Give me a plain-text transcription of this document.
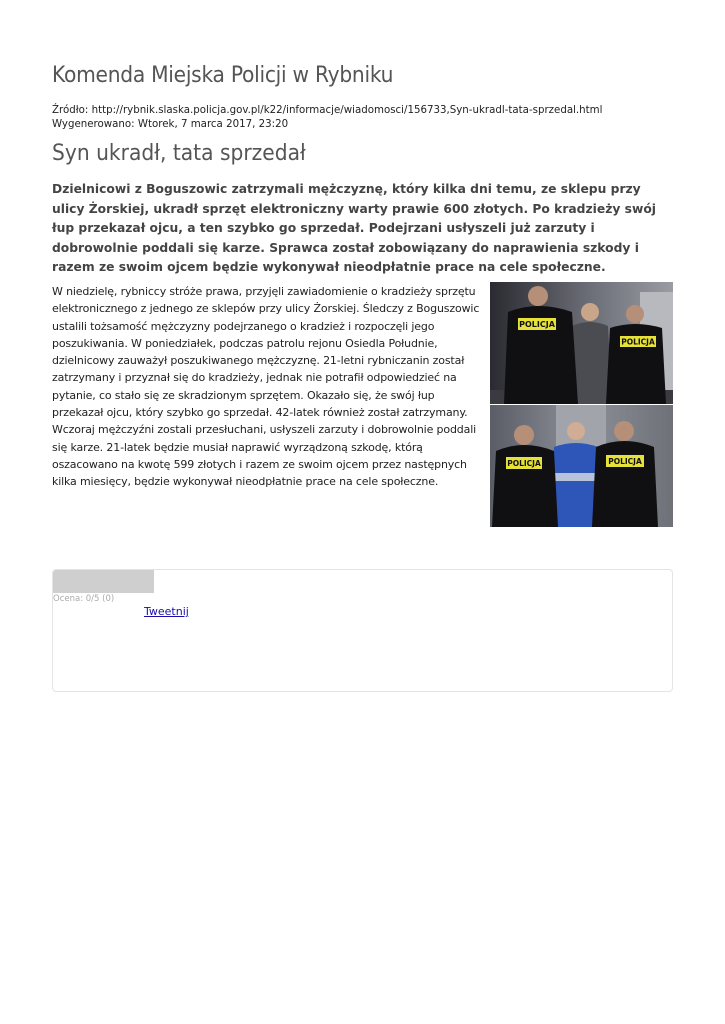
Komenda Miejska Policji w Rybniku
Źródło: http://rybnik.slaska.policja.gov.pl/k22/informacje/wiadomosci/156733,Syn-ukradl-tata-sprzedal.html
Wygenerowano: Wtorek, 7 marca 2017, 23:20
Syn ukradł, tata sprzedał

Dzielnicowi z Boguszowic zatrzymali mężczyznę, który kilka dni temu, ze sklepu przy ulicy Żorskiej, ukradł sprzęt elektroniczny warty prawie 600 złotych. Po kradzieży swój łup przekazał ojcu, a ten szybko go sprzedał. Podejrzani usłyszeli już zarzuty i dobrowolnie poddali się karze. Sprawca został zobowiązany do naprawienia szkody i razem ze swoim ojcem będzie wykonywał nieodpłatnie prace na cele społeczne.

W niedzielę, rybniccy stróże prawa, przyjęli zawiadomienie o kradzieży sprzętu elektronicznego z jednego ze sklepów przy ulicy Żorskiej. Śledczy z Boguszowic ustalili tożsamość mężczyzny podejrzanego o kradzież i rozpoczęli jego poszukiwania. W poniedziałek, podczas patrolu rejonu Osiedla Południe, dzielnicowy zauważył poszukiwanego mężczyznę. 21-letni rybniczanin został zatrzymany i przyznał się do kradzieży, jednak nie potrafił odpowiedzieć na pytanie, co stało się ze skradzionym sprzętem. Okazało się, że swój łup przekazał ojcu, który szybko go sprzedał. 42-latek również został zatrzymany. Wczoraj mężczyźni zostali przesłuchani, usłyszeli zarzuty i dobrowolnie poddali się karze. 21-latek będzie musiał naprawić wyrządzoną szkodę, którą oszacowano na kwotę 599 złotych i razem ze swoim ojcem przez następnych kilka miesięcy, będzie wykonywał nieodpłatnie prace na cele społeczne.

POLICJA
POLICJA
POLICJA	POLICJA
Ocena: 0/5 (0)
Tweetnij
